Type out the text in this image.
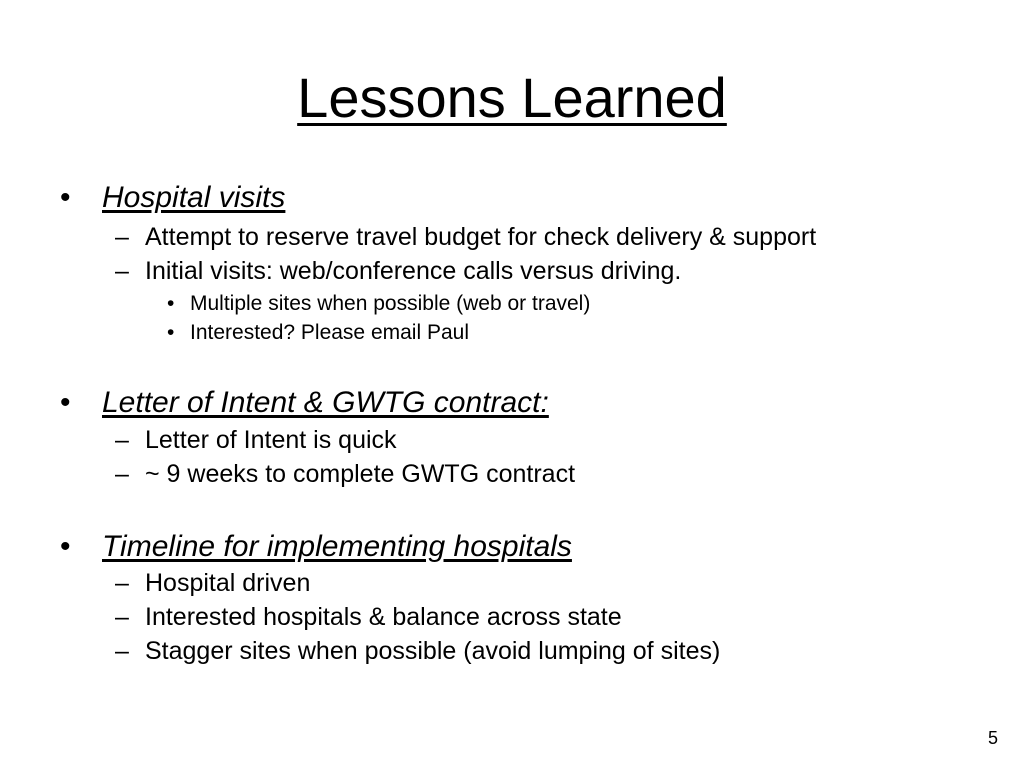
Lessons Learned
• Hospital visits
– Attempt to reserve travel budget for check delivery & support
– Initial visits: web/conference calls versus driving.
• Multiple sites when possible (web or travel)
• Interested? Please email Paul
• Letter of Intent & GWTG contract:
– Letter of Intent is quick
– ~ 9 weeks to complete GWTG contract
• Timeline for implementing hospitals
– Hospital driven
– Interested hospitals & balance across state
– Stagger sites when possible (avoid lumping of sites)
5
